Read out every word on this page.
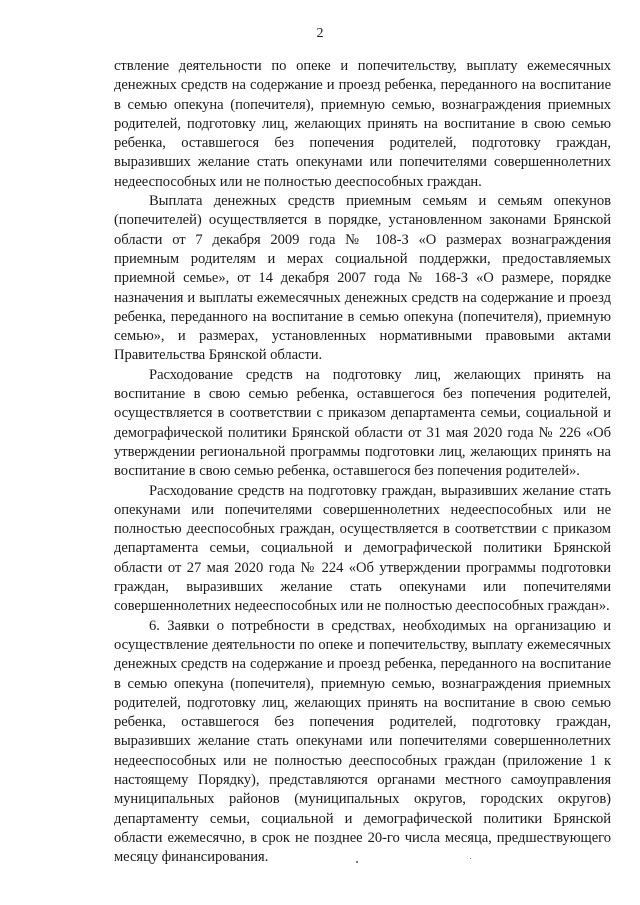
2

ствление деятельности по опеке и попечительству, выплату ежемесячных денежных средств на содержание и проезд ребенка, переданного на воспитание в семью опекуна (попечителя), приемную семью, вознаграждения приемных родителей, подготовку лиц, желающих принять на воспитание в свою семью ребенка, оставшегося без попечения родителей, подготовку граждан, выразивших желание стать опекунами или попечителями совершеннолетних недееспособных или не полностью дееспособных граждан.

Выплата денежных средств приемным семьям и семьям опекунов (попечителей) осуществляется в порядке, установленном законами Брянской области от 7 декабря 2009 года № 108-З «О размерах вознаграждения приемным родителям и мерах социальной поддержки, предоставляемых приемной семье», от 14 декабря 2007 года № 168-З «О размере, порядке назначения и выплаты ежемесячных денежных средств на содержание и проезд ребенка, переданного на воспитание в семью опекуна (попечителя), приемную семью», и размерах, установленных нормативными правовыми актами Правительства Брянской области.

Расходование средств на подготовку лиц, желающих принять на воспитание в свою семью ребенка, оставшегося без попечения родителей, осуществляется в соответствии с приказом департамента семьи, социальной и демографической политики Брянской области от 31 мая 2020 года № 226 «Об утверждении региональной программы подготовки лиц, желающих принять на воспитание в свою семью ребенка, оставшегося без попечения родителей».

Расходование средств на подготовку граждан, выразивших желание стать опекунами или попечителями совершеннолетних недееспособных или не полностью дееспособных граждан, осуществляется в соответствии с приказом департамента семьи, социальной и демографической политики Брянской области от 27 мая 2020 года № 224 «Об утверждении программы подготовки граждан, выразивших желание стать опекунами или попечителями совершеннолетних недееспособных или не полностью дееспособных граждан».

6. Заявки о потребности в средствах, необходимых на организацию и осуществление деятельности по опеке и попечительству, выплату ежемесячных денежных средств на содержание и проезд ребенка, переданного на воспитание в семью опекуна (попечителя), приемную семью, вознаграждения приемных родителей, подготовку лиц, желающих принять на воспитание в свою семью ребенка, оставшегося без попечения родителей, подготовку граждан, выразивших желание стать опекунами или попечителями совершеннолетних недееспособных или не полностью дееспособных граждан (приложение 1 к настоящему Порядку), представляются органами местного самоуправления муниципальных районов (муниципальных округов, городских округов) департаменту семьи, социальной и демографической политики Брянской области ежемесячно, в срок не позднее 20-го числа месяца, предшествующего месяцу финансирования.
